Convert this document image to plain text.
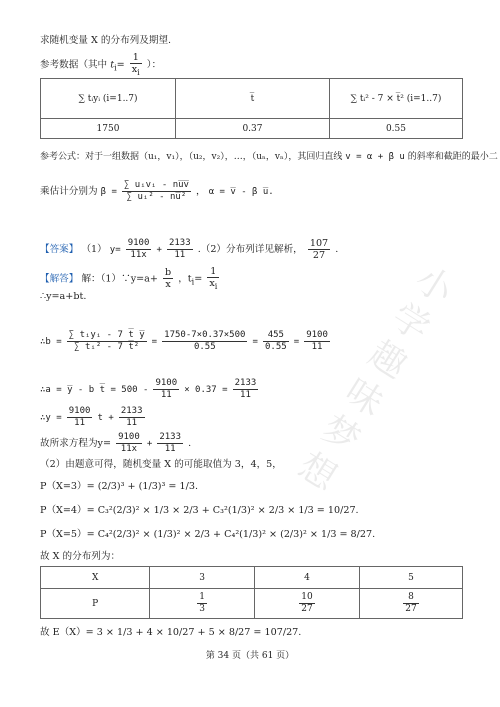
小学趣味梦想
求随机变量 X 的分布列及期望.
参考数据（其中 $t_i= \frac{1}{x_i}$ ）：
∑ tᵢyᵢ (i=1..7)	t̅	∑ tᵢ² - 7 × t̅² (i=1..7)
1750	0.37	0.55
参考公式：对于一组数据（u₁，v₁），（u₂，v₂），…，（uₙ，vₙ），其回归直线 v = α + β u 的斜率和截距的最小二
乘估计分别为 $\beta = \frac{\text{∑ uᵢvᵢ - nu̅v̅}}{\text{∑ uᵢ² - nu̅²}}$ ， α = v̅ - β u̅.
【答案】 （1） $y= \frac{9100}{11x} + \frac{2133}{11} .(2)$分布列详见解析， $\frac{107}{27}$ .
【解答】 解：（1）∵y=a+ $\frac{b}{x}$ ，$t_i= \frac{1}{x_i}$
∴y=a+bt.
∴b = $\frac{\text{∑ tᵢyᵢ - 7 t̅ y̅}}{\text{∑ tᵢ² - 7 t̅²}} = \frac{1750-7\times 0.37\times 500}{0.55} = \frac{455}{0.55} = \frac{9100}{11}$
∴a = y̅ - b t̅ = $500 - \frac{9100}{11} \times 0.37 = \frac{2133}{11}$
∴y = $\frac{9100}{11}$ $t + \frac{2133}{11}$
故所求方程为$y= \frac{9100}{11x} + \frac{2133}{11}$ .
（2）由题意可得，随机变量 X 的可能取值为 3，4，5，
P（X=3）= (2/3)³ + (1/3)³ = 1/3.
P（X=4）= C₃²(2/3)² × 1/3 × 2/3 + C₃²(1/3)² × 2/3 × 1/3 = 10/27.
P（X=5）= C₄²(2/3)² × (1/3)² × 2/3 + C₄²(1/3)² × (2/3)² × 1/3 = 8/27.
故 X 的分布列为：
X	3	4	5
P	$\frac{1}{3}$	$\frac{10}{27}$	$\frac{8}{27}$
故 E（X）= 3 × 1/3 + 4 × 10/27 + 5 × 8/27 = 107/27.
第 34 页（共 61 页）
